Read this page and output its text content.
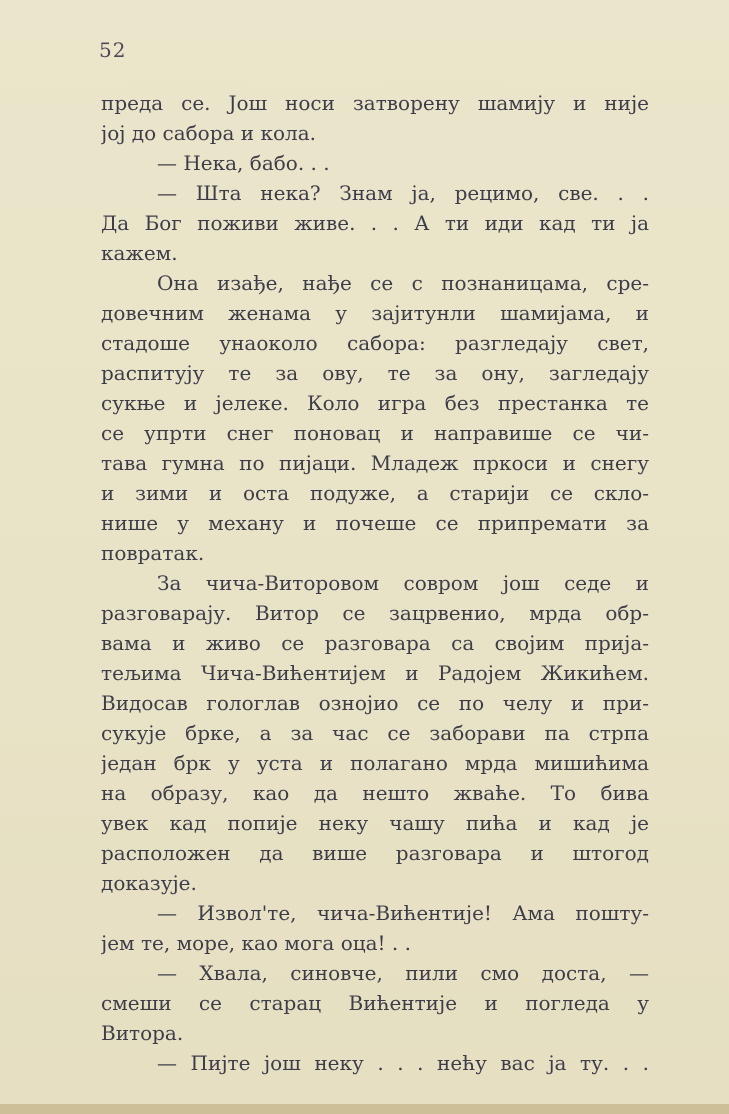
52
преда се. Још носи затворену шамију и није
јој до сабора и кола.
— Нека, бабо. . .
— Шта нека? Знам ја, рецимо, све. . .
Да Бог поживи живе. . . А ти иди кад ти ја
кажем.
Она изађе, нађе се с познаницама, сре-
довечним женама у зајитунли шамијама, и
стадоше унаоколо сабора: разгледају свет,
распитују те за ову, те за ону, загледају
сукње и јелеке. Коло игра без престанка те
се упрти снег поновац и направише се чи-
тава гумна по пијаци. Младеж пркоси и снегу
и зими и оста подуже, а старији се скло-
нише у механу и почеше се припремати за
повратак.
За чича-Виторовом совром још седе и
разговарају. Витор се зацрвенио, мрда обр-
вама и живо се разговара са својим прија-
тељима Чича-Вићентијем и Радојем Жикићем.
Видосав гологлав ознојио се по челу и при-
сукује брке, а за час се заборави па стрпа
један брк у уста и полагано мрда мишићима
на образу, као да нешто жваће. То бива
увек кад попије неку чашу пића и кад је
расположен да више разговара и штогод
доказује.
— Извол'те, чича-Вићентије! Ама пошту-
јем те, море, као мога оца! . .
— Хвала, синовче, пили смо доста, —
смеши се старац Вићентије и погледа у
Витора.
— Пијте још неку . . . нећу вас ја ту. . .
